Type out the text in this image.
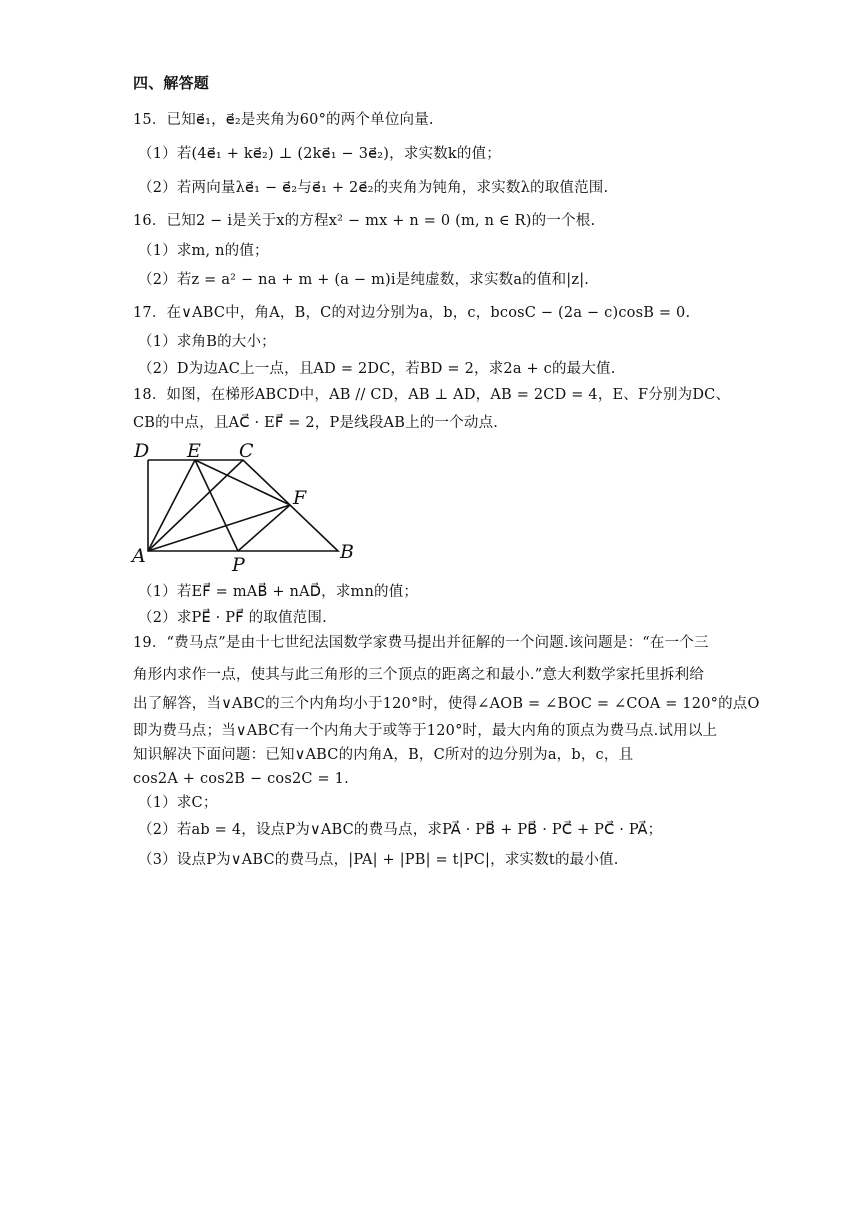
四、解答题
15．已知e⃗₁，e⃗₂是夹角为60°的两个单位向量.
（1）若(4e⃗₁ + ke⃗₂) ⊥ (2ke⃗₁ − 3e⃗₂)，求实数k的值；
（2）若两向量λe⃗₁ − e⃗₂与e⃗₁ + 2e⃗₂的夹角为钝角，求实数λ的取值范围.
16．已知2 − i是关于x的方程x² − mx + n = 0 (m, n ∈ R)的一个根.
（1）求m, n的值；
（2）若z = a² − na + m + (a − m)i是纯虚数，求实数a的值和|z|.
17．在∨ABC中，角A，B，C的对边分别为a，b，c，bcosC − (2a − c)cosB = 0.
（1）求角B的大小；
（2）D为边AC上一点，且AD = 2DC，若BD = 2，求2a + c的最大值.
18．如图，在梯形ABCD中，AB // CD，AB ⊥ AD，AB = 2CD = 4，E、F分别为DC、
CB的中点，且AC⃗ · EF⃗ = 2，P是线段AB上的一个动点.
D E C
F
A	P
B
（1）若EF⃗ = mAB⃗ + nAD⃗，求mn的值；
（2）求PE⃗ · PF⃗ 的取值范围.
19．“费马点”是由十七世纪法国数学家费马提出并征解的一个问题.该问题是：“在一个三
角形内求作一点，使其与此三角形的三个顶点的距离之和最小.”意大利数学家托里拆利给
出了解答，当∨ABC的三个内角均小于120°时，使得∠AOB = ∠BOC = ∠COA = 120°的点O
即为费马点；当∨ABC有一个内角大于或等于120°时，最大内角的顶点为费马点.试用以上
知识解决下面问题：已知∨ABC的内角A，B，C所对的边分别为a，b，c，且
cos2A + cos2B − cos2C = 1.
（1）求C；
（2）若ab = 4，设点P为∨ABC的费马点，求PA⃗ · PB⃗ + PB⃗ · PC⃗ + PC⃗ · PA⃗；
（3）设点P为∨ABC的费马点，|PA| + |PB| = t|PC|，求实数t的最小值.
